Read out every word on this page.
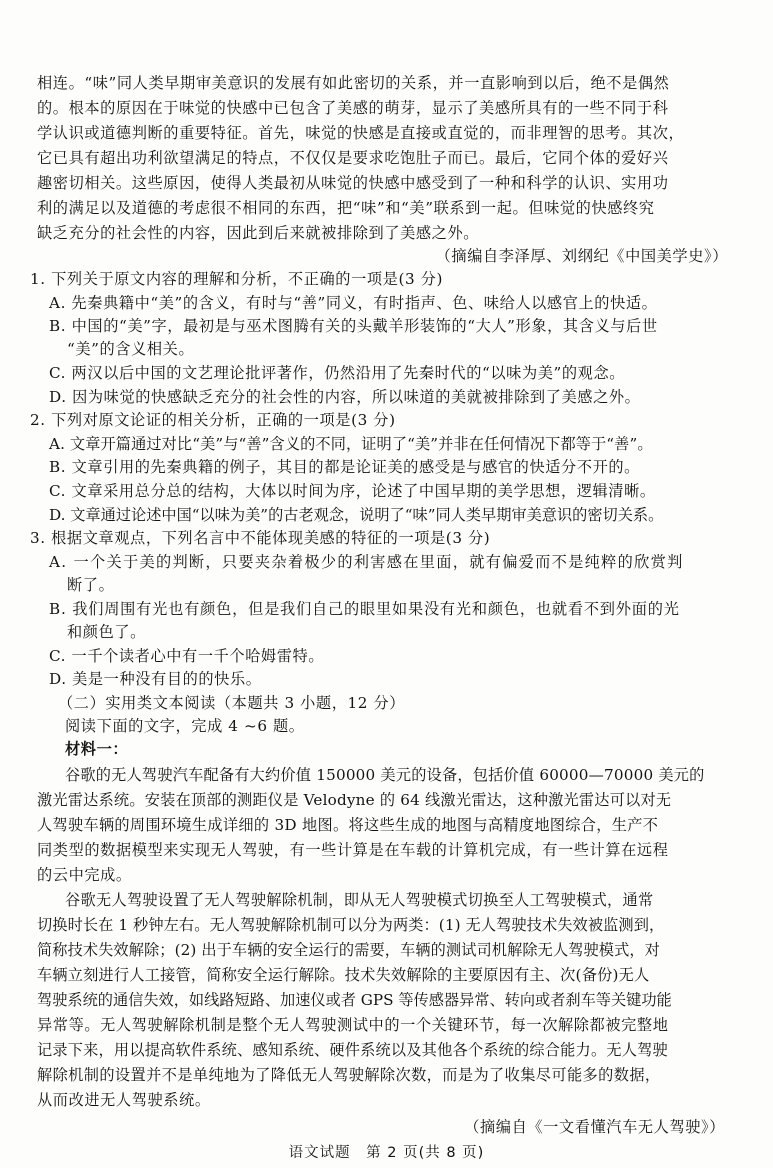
相连。“味”同人类早期审美意识的发展有如此密切的关系，并一直影响到以后，绝不是偶然
的。根本的原因在于味觉的快感中已包含了美感的萌芽，显示了美感所具有的一些不同于科
学认识或道德判断的重要特征。首先，味觉的快感是直接或直觉的，而非理智的思考。其次，
它已具有超出功利欲望满足的特点，不仅仅是要求吃饱肚子而已。最后，它同个体的爱好兴
趣密切相关。这些原因，使得人类最初从味觉的快感中感受到了一种和科学的认识、实用功
利的满足以及道德的考虑很不相同的东西，把“味”和“美”联系到一起。但味觉的快感终究
缺乏充分的社会性的内容，因此到后来就被排除到了美感之外。
（摘编自李泽厚、刘纲纪《中国美学史》）
1. 下列关于原文内容的理解和分析，不正确的一项是(3 分)
A. 先秦典籍中“美”的含义，有时与“善”同义，有时指声、色、味给人以感官上的快适。
B. 中国的“美”字，最初是与巫术图腾有关的头戴羊形装饰的“大人”形象，其含义与后世
“美”的含义相关。
C. 两汉以后中国的文艺理论批评著作，仍然沿用了先秦时代的“以味为美”的观念。
D. 因为味觉的快感缺乏充分的社会性的内容，所以味道的美就被排除到了美感之外。
2. 下列对原文论证的相关分析，正确的一项是(3 分)
A. 文章开篇通过对比“美”与“善”含义的不同，证明了“美”并非在任何情况下都等于“善”。
B. 文章引用的先秦典籍的例子，其目的都是论证美的感受是与感官的快适分不开的。
C. 文章采用总分总的结构，大体以时间为序，论述了中国早期的美学思想，逻辑清晰。
D. 文章通过论述中国“以味为美”的古老观念，说明了“味”同人类早期审美意识的密切关系。
3. 根据文章观点，下列名言中不能体现美感的特征的一项是(3 分)
A. 一个关于美的判断，只要夹杂着极少的利害感在里面，就有偏爱而不是纯粹的欣赏判
断了。
B. 我们周围有光也有颜色，但是我们自己的眼里如果没有光和颜色，也就看不到外面的光
和颜色了。
C. 一千个读者心中有一千个哈姆雷特。
D. 美是一种没有目的的快乐。
（二）实用类文本阅读（本题共 3 小题，12 分）
阅读下面的文字，完成 4 ~6 题。
材料一：
谷歌的无人驾驶汽车配备有大约价值 150000 美元的设备，包括价值 60000—70000 美元的
激光雷达系统。安装在顶部的测距仪是 Velodyne 的 64 线激光雷达，这种激光雷达可以对无
人驾驶车辆的周围环境生成详细的 3D 地图。将这些生成的地图与高精度地图综合，生产不
同类型的数据模型来实现无人驾驶，有一些计算是在车载的计算机完成，有一些计算在远程
的云中完成。
谷歌无人驾驶设置了无人驾驶解除机制，即从无人驾驶模式切换至人工驾驶模式，通常
切换时长在 1 秒钟左右。无人驾驶解除机制可以分为两类：(1) 无人驾驶技术失效被监测到，
简称技术失效解除；(2) 出于车辆的安全运行的需要，车辆的测试司机解除无人驾驶模式，对
车辆立刻进行人工接管，简称安全运行解除。技术失效解除的主要原因有主、次(备份)无人
驾驶系统的通信失效，如线路短路、加速仪或者 GPS 等传感器异常、转向或者刹车等关键功能
异常等。无人驾驶解除机制是整个无人驾驶测试中的一个关键环节，每一次解除都被完整地
记录下来，用以提高软件系统、感知系统、硬件系统以及其他各个系统的综合能力。无人驾驶
解除机制的设置并不是单纯地为了降低无人驾驶解除次数，而是为了收集尽可能多的数据，
从而改进无人驾驶系统。
（摘编自《一文看懂汽车无人驾驶》）
语文试题　第 2 页(共 8 页)
